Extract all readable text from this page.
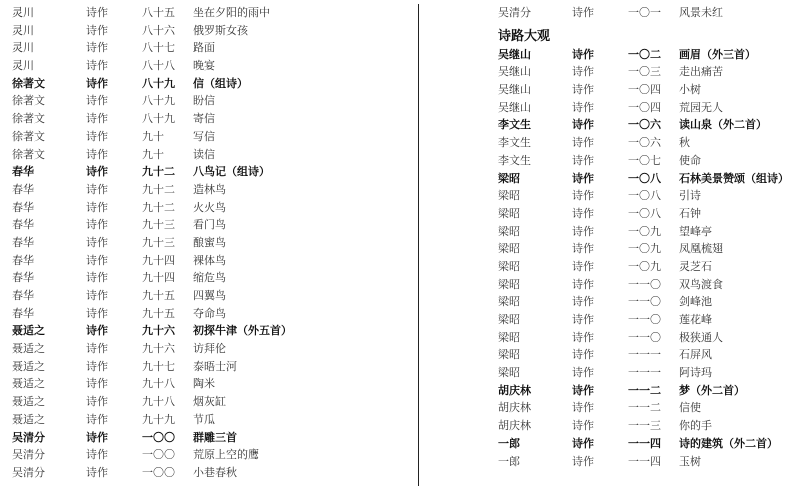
灵川	诗作	八十五 坐在夕阳的雨中
灵川	诗作	八十六 俄罗斯女孩
灵川	诗作	八十七 路面
灵川	诗作	八十八 晚宴
徐著文	诗作	八十九 信（组诗）
徐著文	诗作	八十九 盼信
徐著文	诗作	八十九 寄信
徐著文	诗作	九十	写信
徐著文	诗作	九十	读信
春华	诗作	九十二 八鸟记（组诗）
春华	诗作	九十二 造林鸟
春华	诗作	九十二 火火鸟
春华	诗作	九十三 看门鸟
春华	诗作	九十三 酿蜜鸟
春华	诗作	九十四 裸体鸟
春华	诗作	九十四 缩危鸟
春华	诗作	九十五 四翼鸟
春华	诗作	九十五 夺命鸟
聂适之	诗作	九十六 初探牛津（外五首）
聂适之	诗作	九十六 访拜伦
聂适之	诗作	九十七 泰晤士河
聂适之	诗作	九十八 陶米
聂适之	诗作	九十八 烟灰缸
聂适之	诗作	九十九 节瓜
吴清分	诗作	一〇〇 群雕三首
吴清分	诗作	一〇〇 荒原上空的鹰
吴清分	诗作	一〇〇 小巷春秋
吴清分	诗作	一〇一 风景未红
诗路大观
吴继山	诗作	一〇二 画眉（外三首）
吴继山	诗作	一〇三 走出痛苦
吴继山	诗作	一〇四 小树
吴继山	诗作	一〇四 荒园无人
李文生	诗作	一〇六 读山泉（外二首）
李文生	诗作	一〇六 秋
李文生	诗作	一〇七 使命
梁昭	诗作	一〇八 石林美景赞颂（组诗）
梁昭	诗作	一〇八 引诗
梁昭	诗作	一〇八 石钟
梁昭	诗作	一〇九 望峰亭
梁昭	诗作	一〇九 凤凰梳翅
梁昭	诗作	一〇九 灵芝石
梁昭	诗作	一一〇 双鸟渡食
梁昭	诗作	一一〇 剑峰池
梁昭	诗作	一一〇 莲花峰
梁昭	诗作	一一〇 极狭通人
梁昭	诗作	一一一 石屏风
梁昭	诗作	一一一 阿诗玛
胡庆林	诗作	一一二 梦（外二首）
胡庆林	诗作	一一二 信使
胡庆林	诗作	一一三 你的手
一郎	诗作	一一四 诗的建筑（外二首）
一郎	诗作	一一四 玉树
